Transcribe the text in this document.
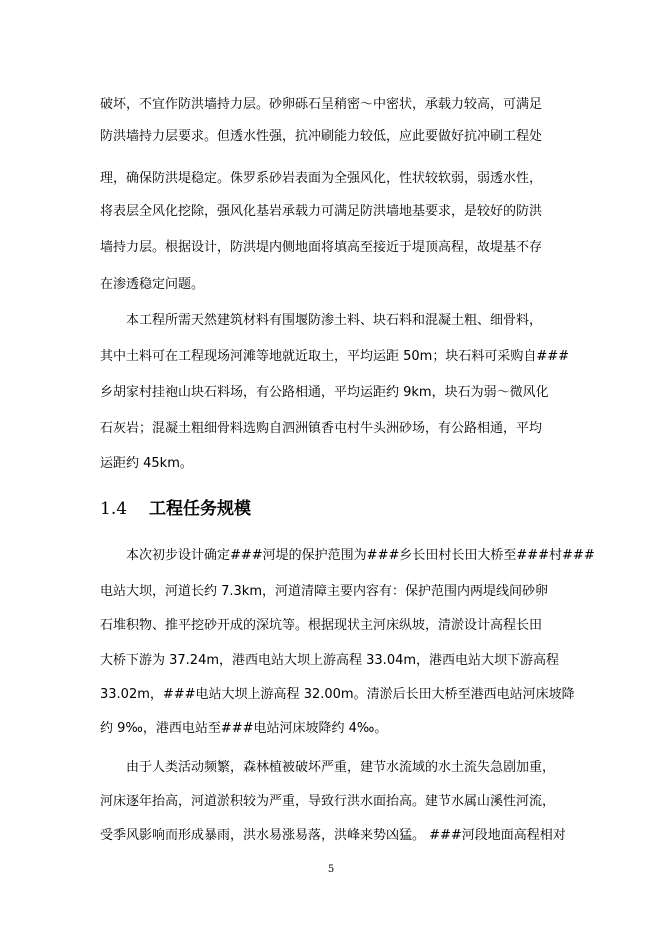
破坏，不宜作防洪墙持力层。砂卵砾石呈稍密～中密状，承载力较高，可满足
防洪墙持力层要求。但透水性强，抗冲刷能力较低，应此要做好抗冲刷工程处
理，确保防洪堤稳定。侏罗系砂岩表面为全强风化，性状较软弱，弱透水性，
将表层全风化挖除，强风化基岩承载力可满足防洪墙地基要求，是较好的防洪
墙持力层。根据设计，防洪堤内侧地面将填高至接近于堤顶高程，故堤基不存
在渗透稳定问题。
本工程所需天然建筑材料有围堰防渗土料、块石料和混凝土粗、细骨料，
其中土料可在工程现场河滩等地就近取土，平均运距 50m；块石料可采购自###
乡胡家村挂袍山块石料场，有公路相通，平均运距约 9km，块石为弱～微风化
石灰岩；混凝土粗细骨料选购自泗洲镇香屯村牛头洲砂场，有公路相通，平均
运距约 45km。
1.4 工程任务规模
本次初步设计确定###河堤的保护范围为###乡长田村长田大桥至###村###
电站大坝，河道长约 7.3km，河道清障主要内容有：保护范围内两堤线间砂卵
石堆积物、推平挖砂开成的深坑等。根据现状主河床纵坡，清淤设计高程长田
大桥下游为 37.24m，港西电站大坝上游高程 33.04m，港西电站大坝下游高程
33.02m，###电站大坝上游高程 32.00m。清淤后长田大桥至港西电站河床坡降
约 9‰，港西电站至###电站河床坡降约 4‰。
由于人类活动频繁，森林植被破坏严重，建节水流域的水土流失急剧加重，
河床逐年抬高，河道淤积较为严重，导致行洪水面抬高。建节水属山溪性河流，
受季风影响而形成暴雨，洪水易涨易落，洪峰来势凶猛。 ###河段地面高程相对
5
